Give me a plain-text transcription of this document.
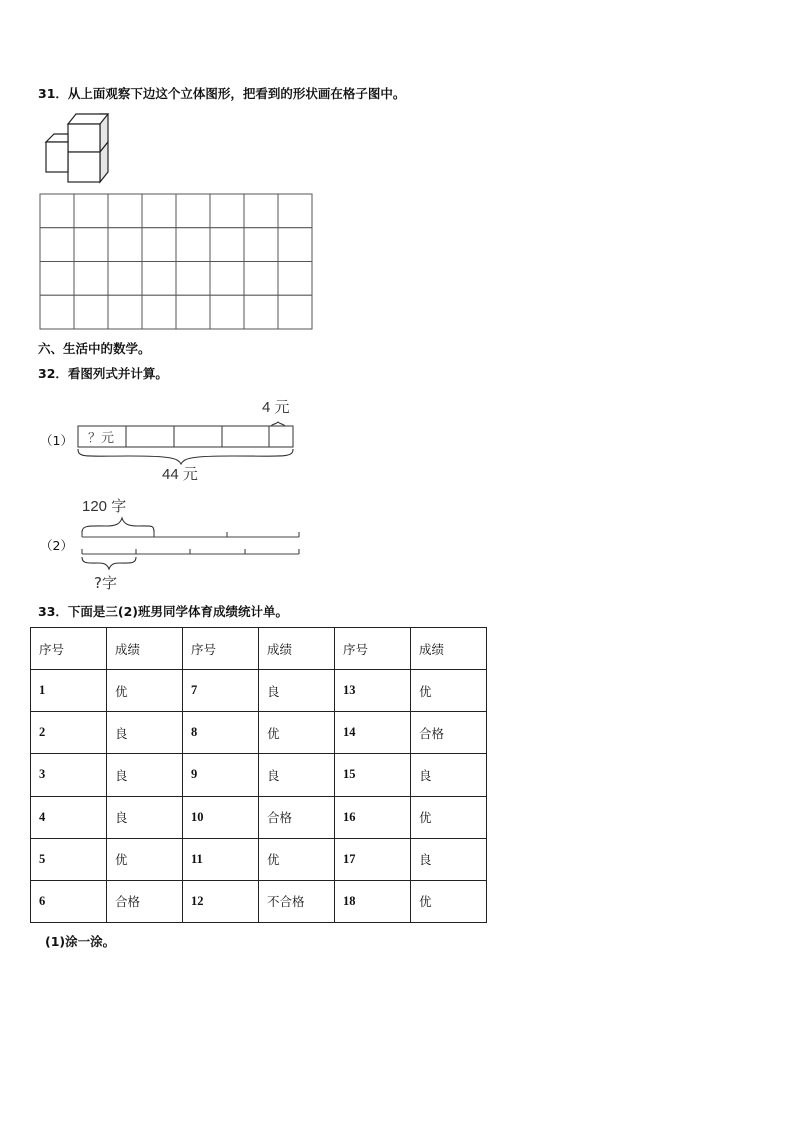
31．从上面观察下边这个立体图形，把看到的形状画在格子图中。
六、生活中的数学。
32．看图列式并计算。
（1）
4 元
？元
44 元
（2）
120 字
?字
33．下面是三(2)班男同学体育成绩统计单。
序号	成绩	序号	成绩	序号	成绩
1	优	7	良	13	优
2	良	8	优	14	合格
3	良	9	良	15	良
4	良	10	合格	16	优
5	优	11	优	17	良
6	合格	12	不合格	18	优
(1)涂一涂。
